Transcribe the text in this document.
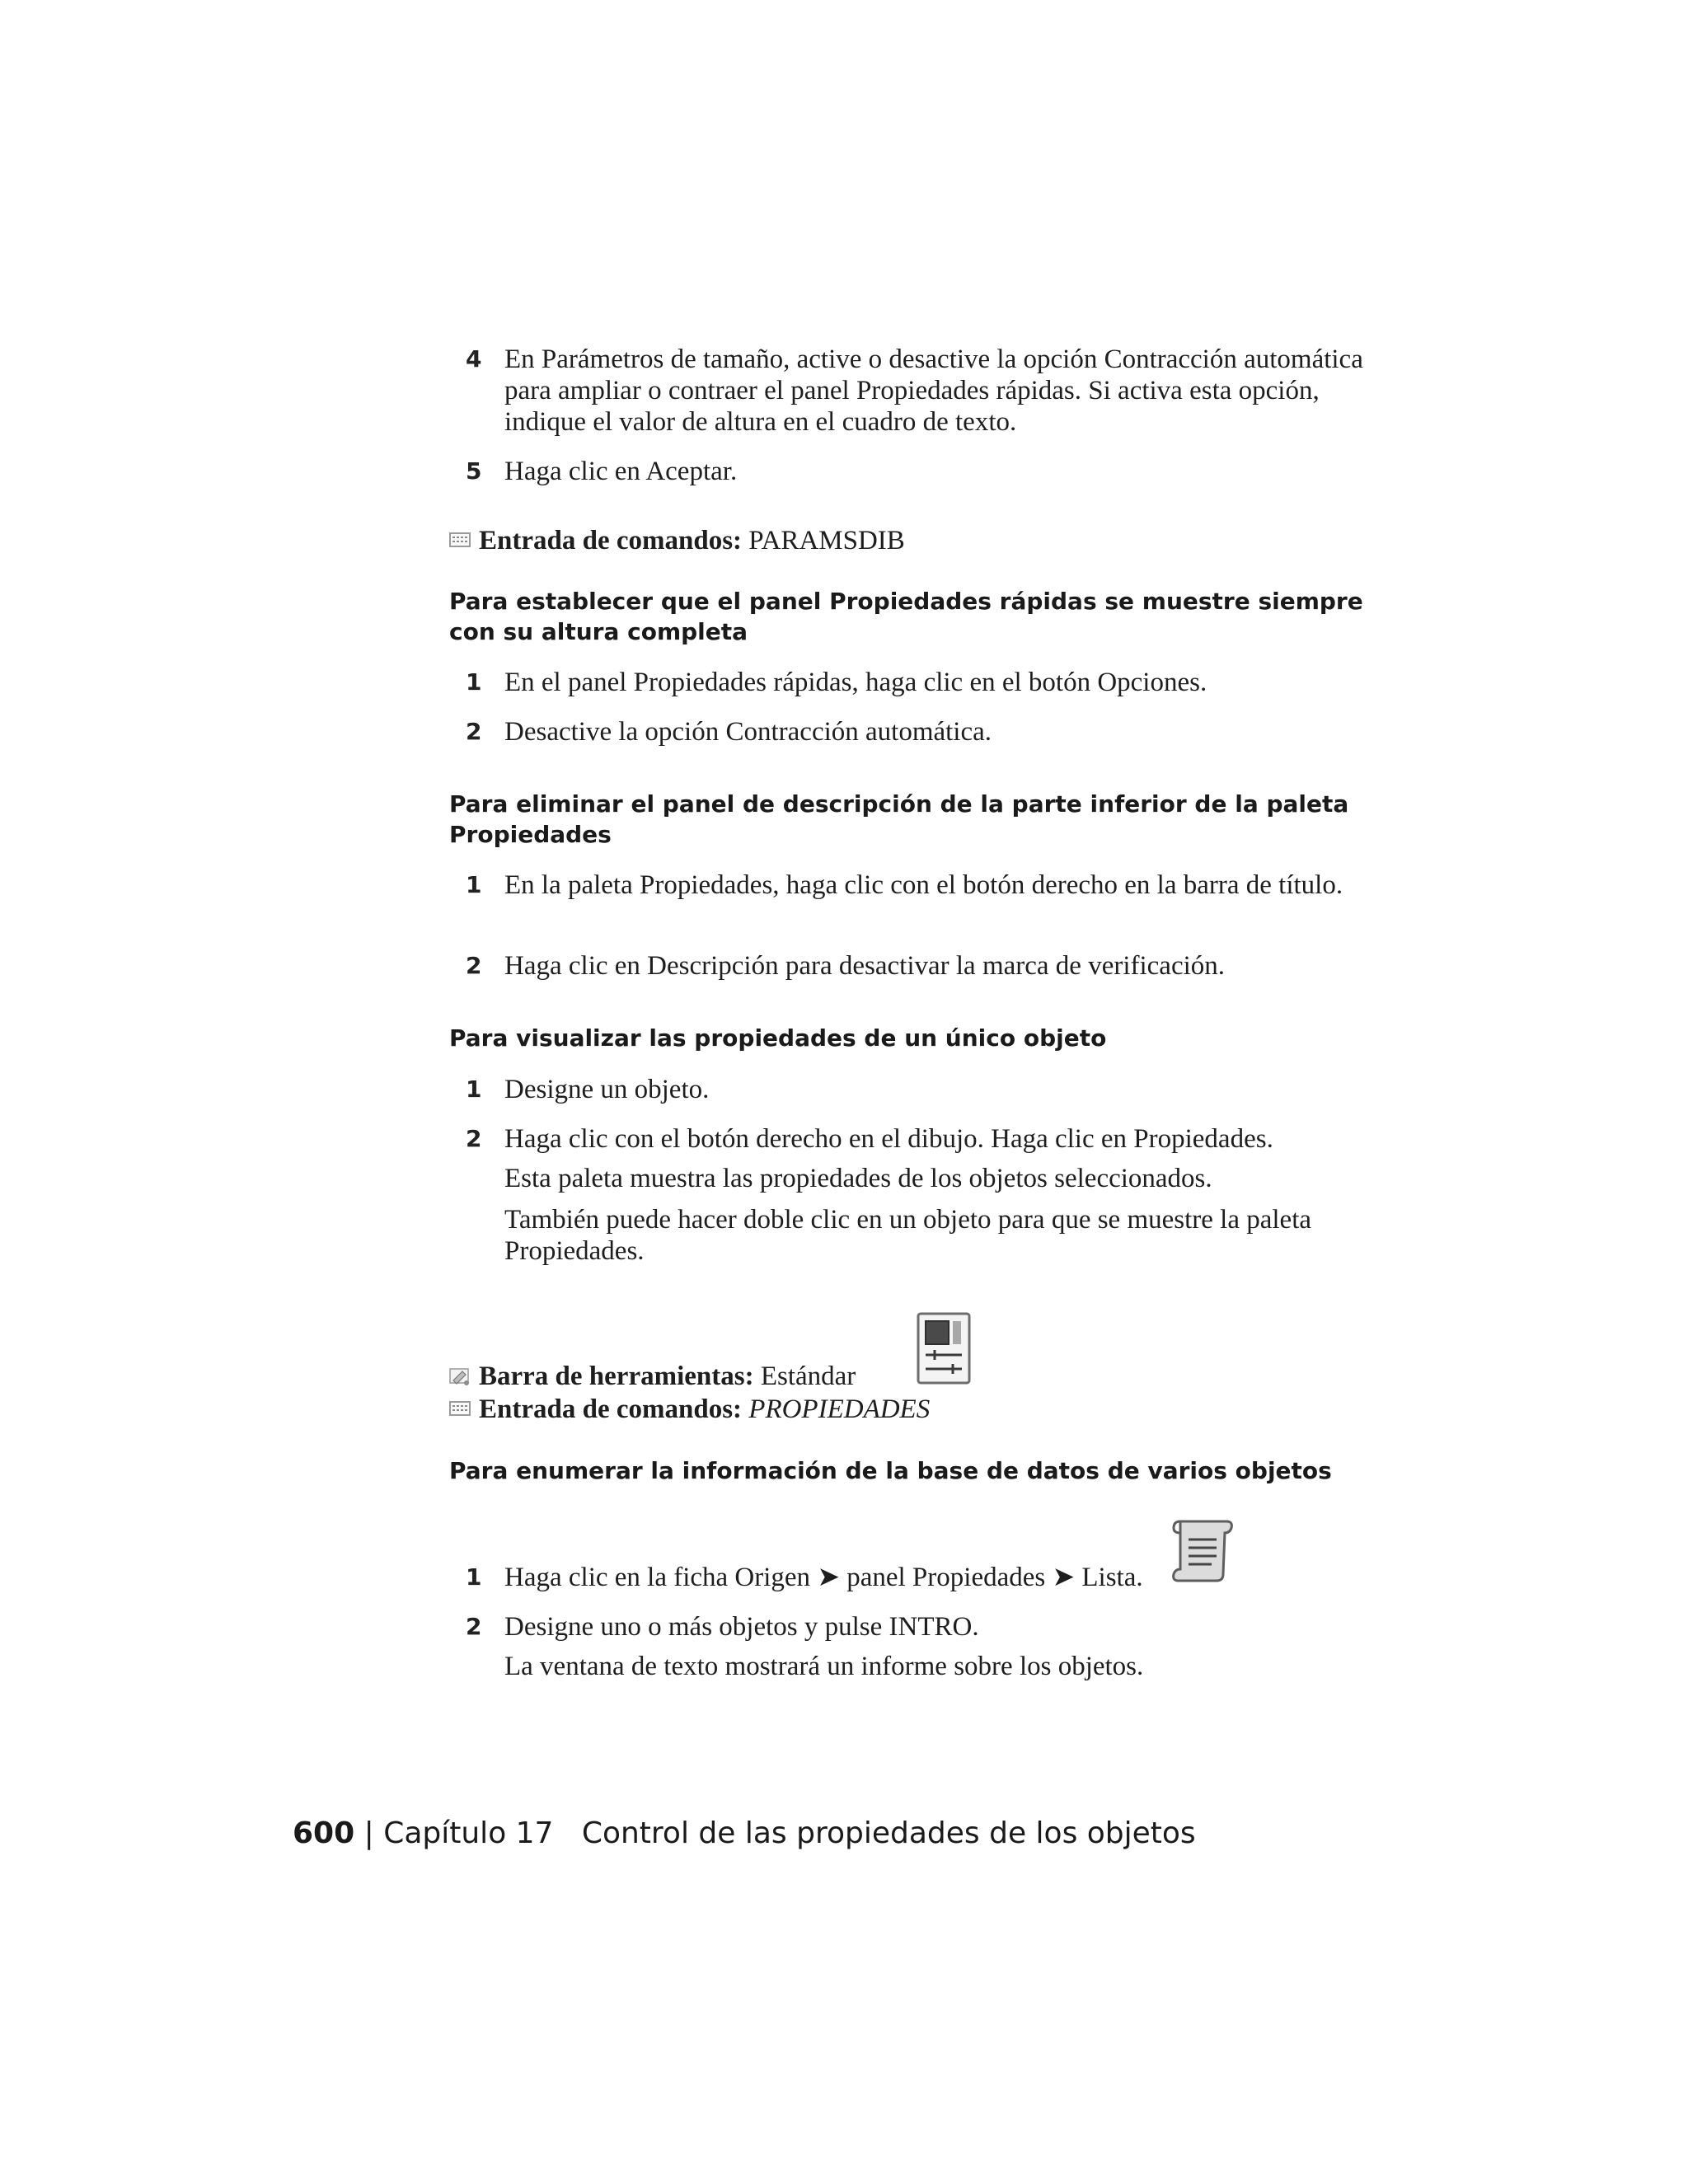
4 En Parámetros de tamaño, active o desactive la opción Contracción automática para ampliar o contraer el panel Propiedades rápidas. Si activa esta opción, indique el valor de altura en el cuadro de texto.
5 Haga clic en Aceptar.
Entrada de comandos: PARAMSDIB
Para establecer que el panel Propiedades rápidas se muestre siempre con su altura completa
1 En el panel Propiedades rápidas, haga clic en el botón Opciones.
2 Desactive la opción Contracción automática.
Para eliminar el panel de descripción de la parte inferior de la paleta Propiedades
1 En la paleta Propiedades, haga clic con el botón derecho en la barra de título.
2 Haga clic en Descripción para desactivar la marca de verificación.
Para visualizar las propiedades de un único objeto
1 Designe un objeto.
2 Haga clic con el botón derecho en el dibujo. Haga clic en Propiedades.
Esta paleta muestra las propiedades de los objetos seleccionados.
También puede hacer doble clic en un objeto para que se muestre la paleta Propiedades.
Barra de herramientas: Estándar
Entrada de comandos: PROPIEDADES
Para enumerar la información de la base de datos de varios objetos
1 Haga clic en la ficha Origen ➤ panel Propiedades ➤ Lista.
2 Designe uno o más objetos y pulse INTRO.
La ventana de texto mostrará un informe sobre los objetos.
600 | Capítulo 17 Control de las propiedades de los objetos
